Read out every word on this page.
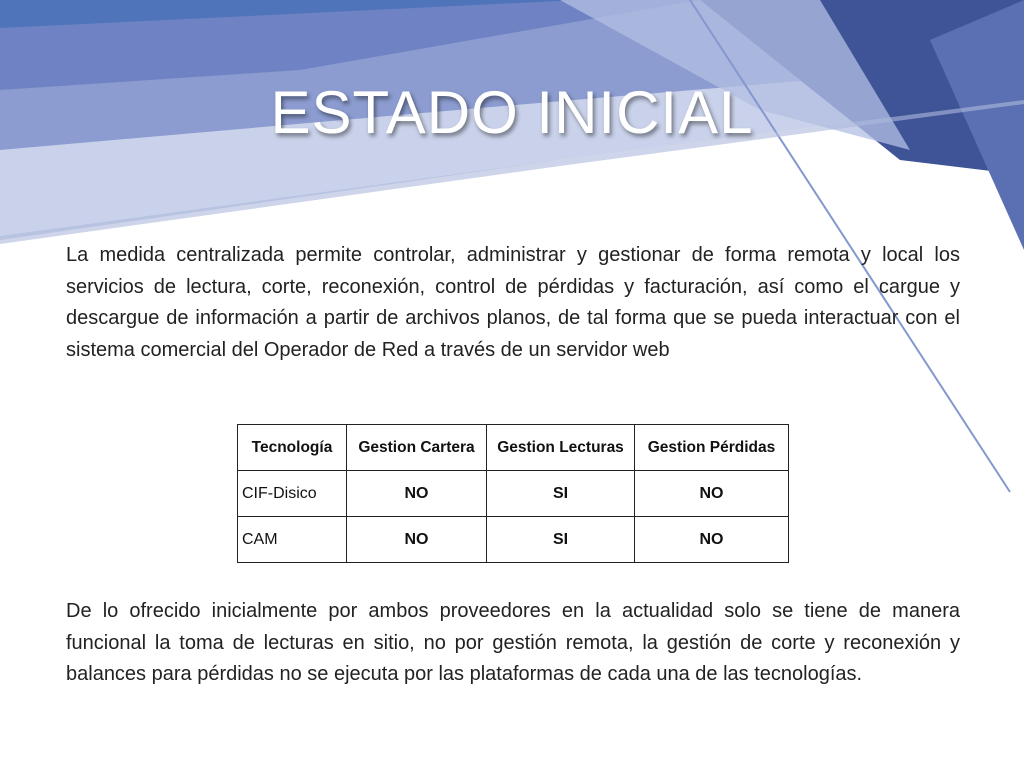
ESTADO INICIAL

La medida centralizada permite controlar, administrar y gestionar de forma remota y local los servicios de lectura, corte, reconexión, control de pérdidas y facturación, así como el cargue y descargue de información a partir de archivos planos, de tal forma que se pueda interactuar con el sistema comercial del Operador de Red a través de un servidor web

Tecnología	Gestion Cartera	Gestion Lecturas	Gestion Pérdidas
CIF-Disico	NO	SI	NO
CAM	NO	SI	NO

De lo ofrecido inicialmente por ambos proveedores en la actualidad solo se tiene de manera funcional la toma de lecturas en sitio, no por gestión remota, la gestión de corte y reconexión y balances para pérdidas no se ejecuta por las plataformas de cada una de las tecnologías.
